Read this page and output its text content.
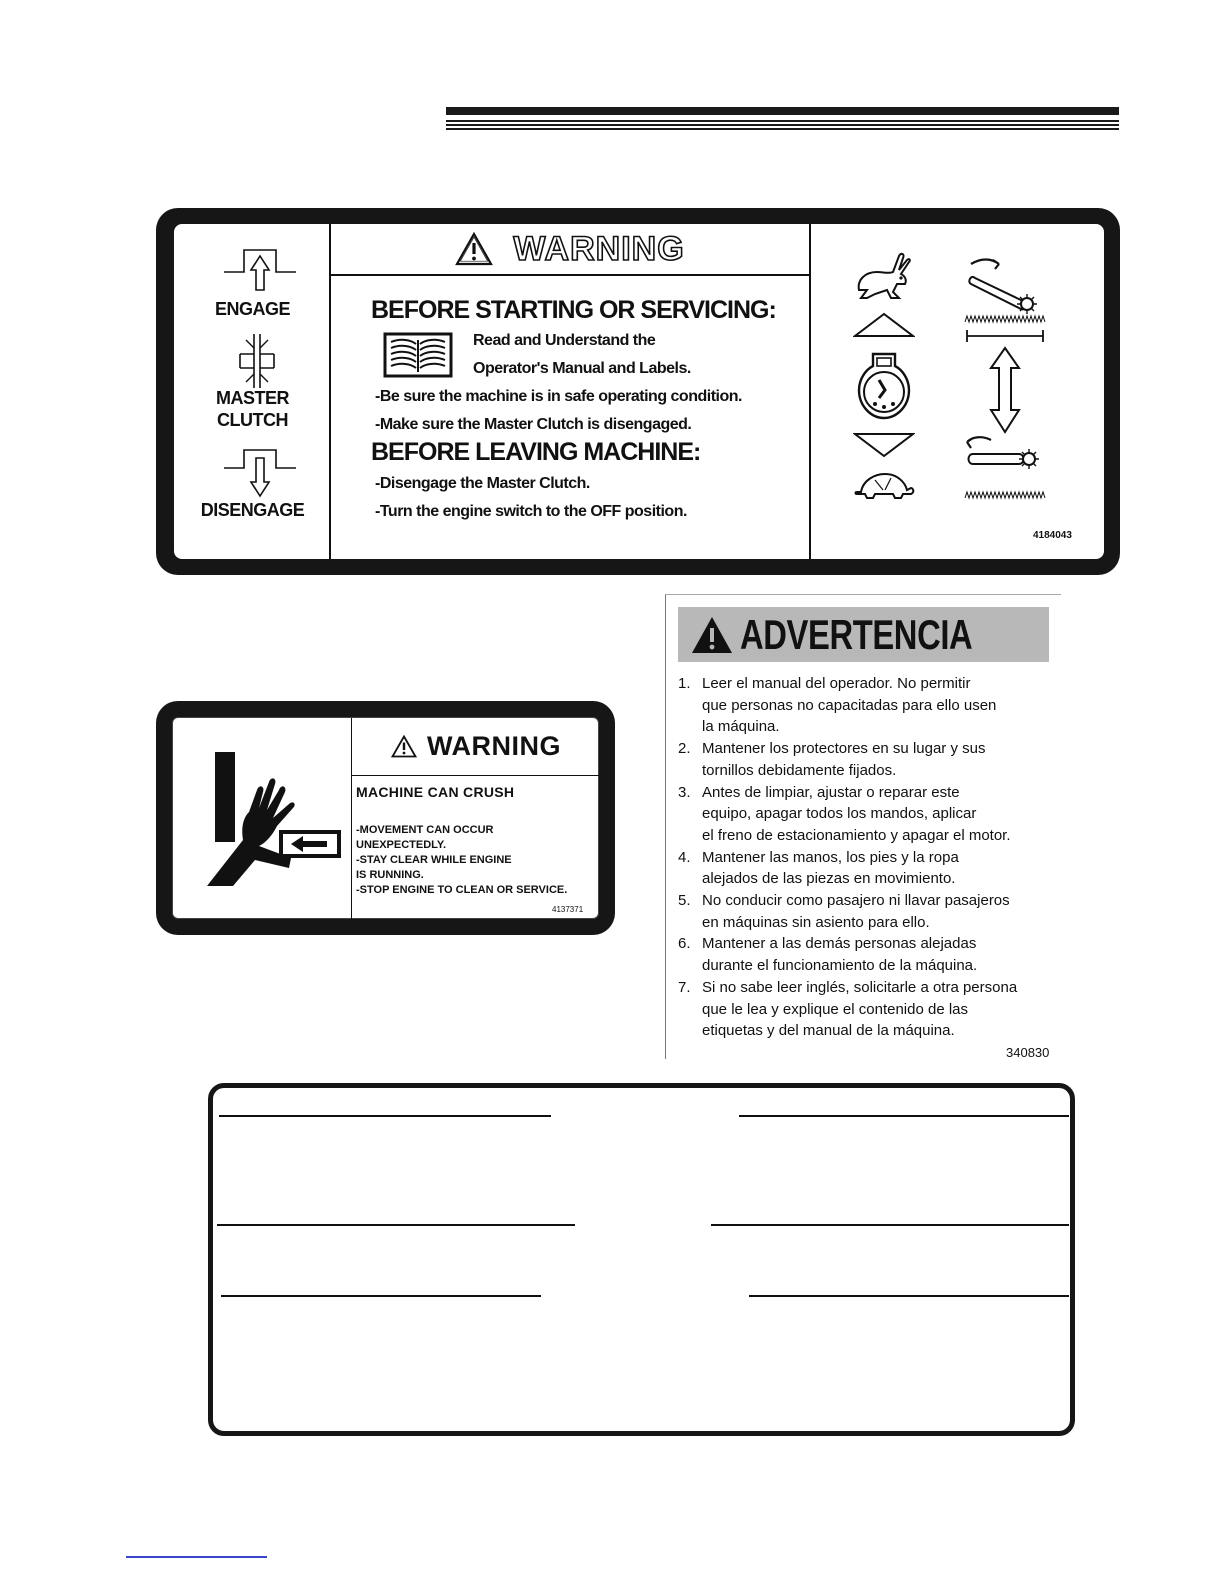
ENGAGE
MASTER
CLUTCH
DISENGAGE
WARNING
BEFORE STARTING OR SERVICING:
Read and Understand the
Operator's Manual and Labels.
-Be sure the machine is in safe operating condition.
-Make sure the Master Clutch is disengaged.
BEFORE LEAVING MACHINE:
-Disengage the Master Clutch.
-Turn the engine switch to the OFF position.
4184043
WARNING
MACHINE CAN CRUSH
-MOVEMENT CAN OCCUR
UNEXPECTEDLY.
-STAY CLEAR WHILE ENGINE
IS RUNNING.
-STOP ENGINE TO CLEAN OR SERVICE.
4137371
ADVERTENCIA
1. Leer el manual del operador. No permitir
que personas no capacitadas para ello usen
la máquina.
2. Mantener los protectores en su lugar y sus
tornillos debidamente fijados.
3. Antes de limpiar, ajustar o reparar este
equipo, apagar todos los mandos, aplicar
el freno de estacionamiento y apagar el motor.
4. Mantener las manos, los pies y la ropa
alejados de las piezas en movimiento.
5. No conducir como pasajero ni llavar pasajeros
en máquinas sin asiento para ello.
6. Mantener a las demás personas alejadas
durante el funcionamiento de la máquina.
7. Si no sabe leer inglés, solicitarle a otra persona
que le lea y explique el contenido de las
etiquetas y del manual de la máquina.
340830
